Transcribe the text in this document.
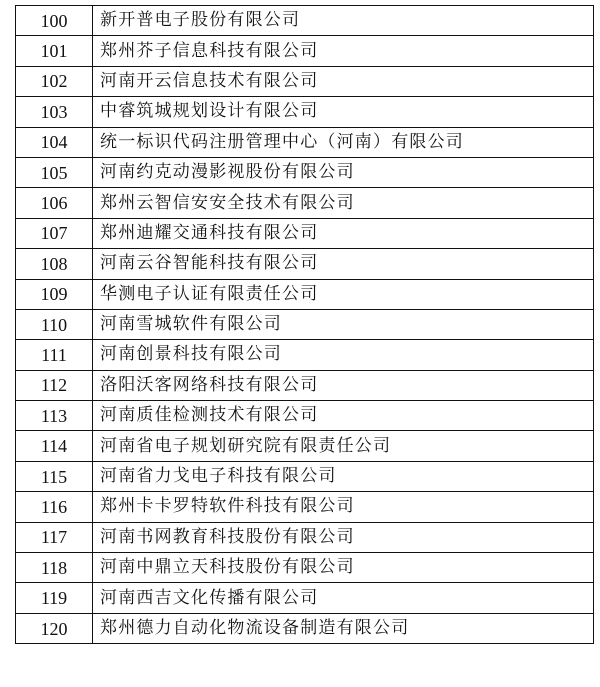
100	新开普电子股份有限公司
101	郑州芥子信息科技有限公司
102	河南开云信息技术有限公司
103	中睿筑城规划设计有限公司
104	统一标识代码注册管理中心（河南）有限公司
105	河南约克动漫影视股份有限公司
106	郑州云智信安安全技术有限公司
107	郑州迪耀交通科技有限公司
108	河南云谷智能科技有限公司
109	华测电子认证有限责任公司
110	河南雪城软件有限公司
111	河南创景科技有限公司
112	洛阳沃客网络科技有限公司
113	河南质佳检测技术有限公司
114	河南省电子规划研究院有限责任公司
115	河南省力戈电子科技有限公司
116	郑州卡卡罗特软件科技有限公司
117	河南书网教育科技股份有限公司
118	河南中鼎立天科技股份有限公司
119	河南西吉文化传播有限公司
120	郑州德力自动化物流设备制造有限公司
